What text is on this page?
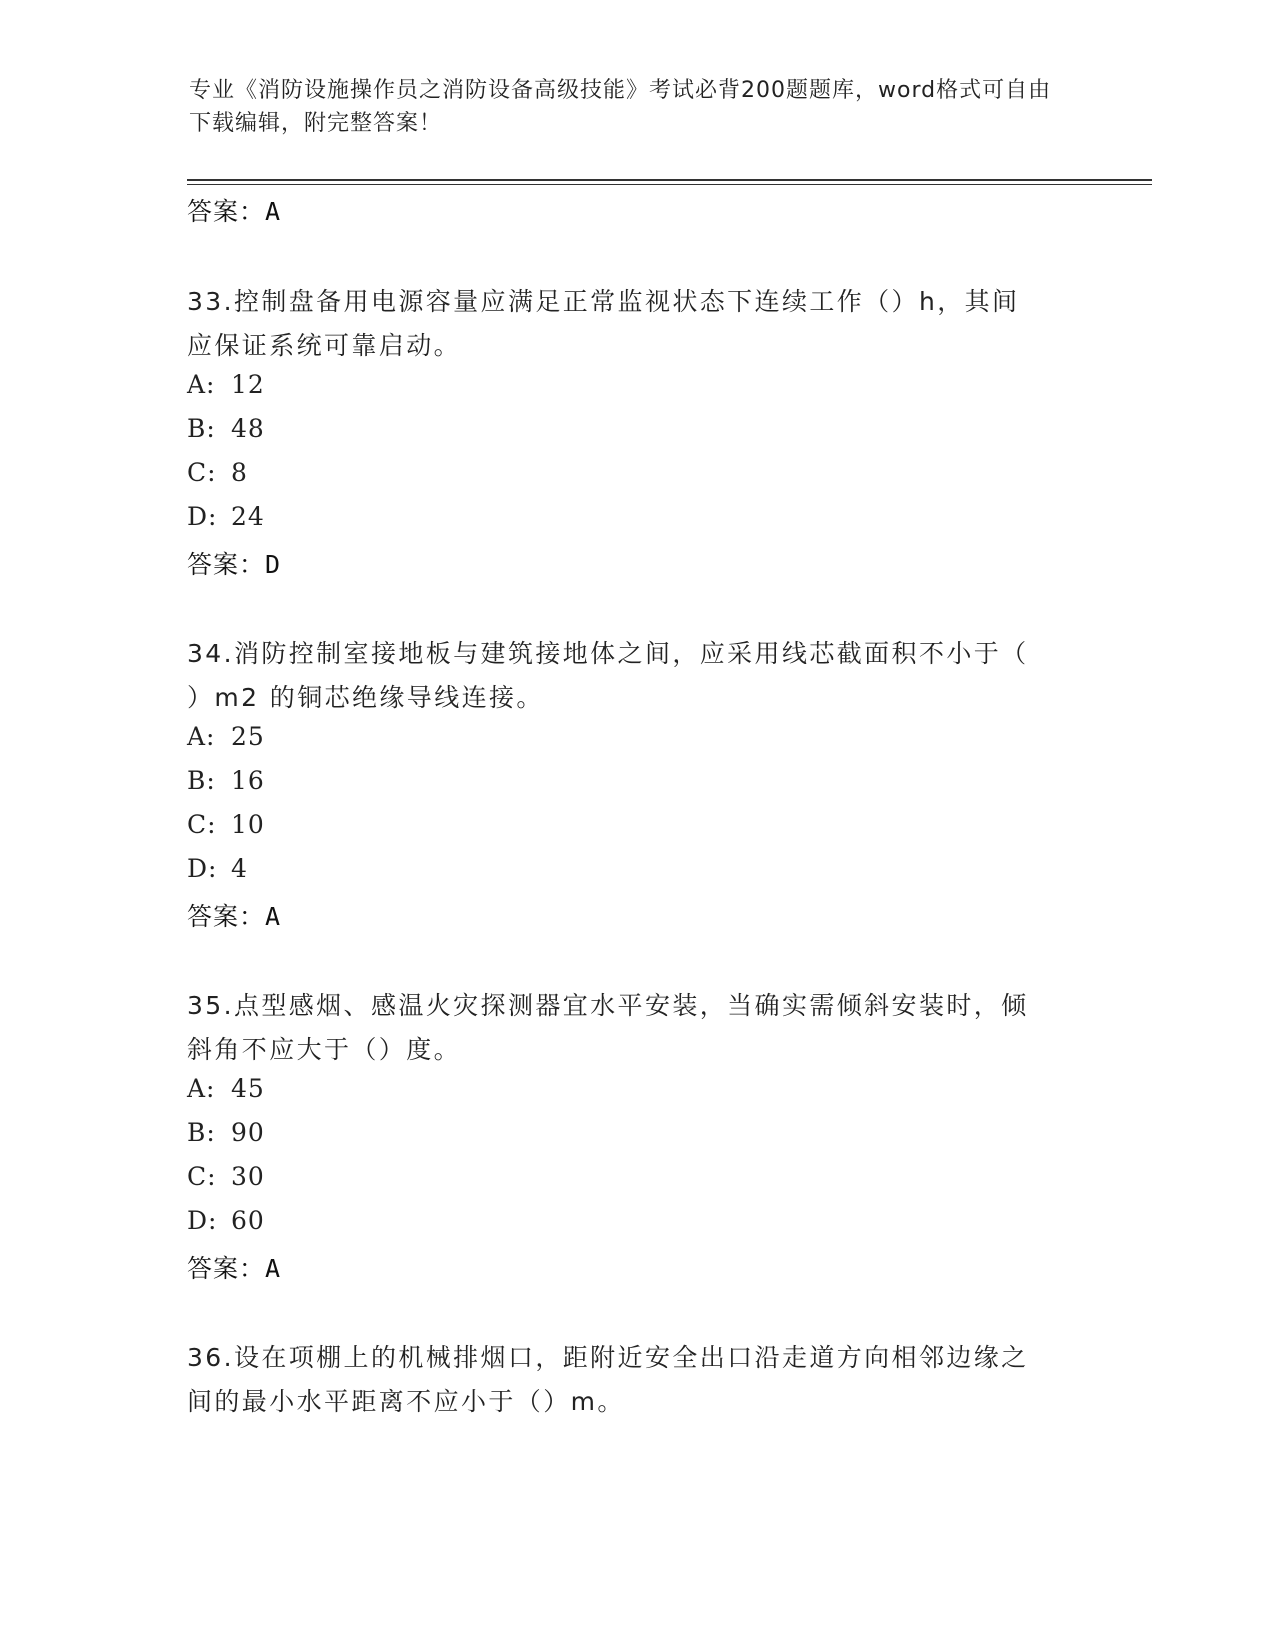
专业《消防设施操作员之消防设备高级技能》考试必背200题题库，word格式可自由下载编辑，附完整答案！
答案：A
33.控制盘备用电源容量应满足正常监视状态下连续工作（）h，其间
应保证系统可靠启动。
A: 12
B: 48
C: 8
D: 24
答案：D
34.消防控制室接地板与建筑接地体之间，应采用线芯截面积不小于（
）m2 的铜芯绝缘导线连接。
A: 25
B: 16
C: 10
D: 4
答案：A
35.点型感烟、感温火灾探测器宜水平安装，当确实需倾斜安装时，倾
斜角不应大于（）度。
A: 45
B: 90
C: 30
D: 60
答案：A
36.设在项棚上的机械排烟口，距附近安全出口沿走道方向相邻边缘之
间的最小水平距离不应小于（）m。
